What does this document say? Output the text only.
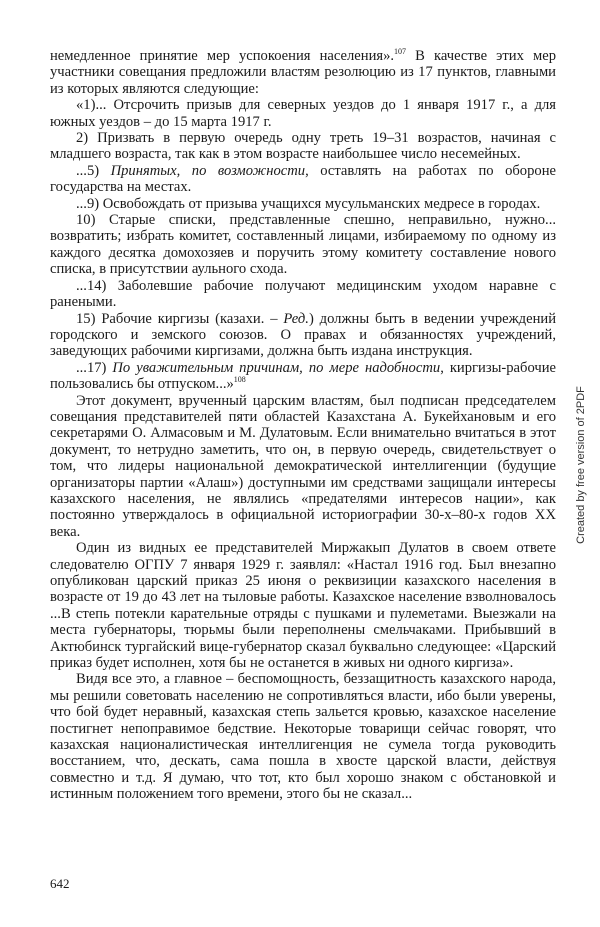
немедленное принятие мер успокоения населения».$^{107}$ В качестве этих мер участники совещания предложили властям резолюцию из 17 пунктов, главными из которых являются следующие:

«1)... Отсрочить призыв для северных уездов до 1 января 1917 г., а для южных уездов – до 15 марта 1917 г.

2) Призвать в первую очередь одну треть 19–31 возрастов, начиная с младшего возраста, так как в этом возрасте наибольшее число несемейных.

...5) Принятых, по возможности, оставлять на работах по обороне государства на местах.

...9) Освобождать от призыва учащихся мусульманских медресе в городах.

10) Старые списки, представленные спешно, неправильно, нужно... возвратить; избрать комитет, составленный лицами, избираемому по одному из каждого десятка домохозяев и поручить этому комитету составление нового списка, в присутствии аульного схода.

...14) Заболевшие рабочие получают медицинским уходом наравне с ранеными.

15) Рабочие киргизы (казахи. – Ред.) должны быть в ведении учреждений городского и земского союзов. О правах и обязанностях учреждений, заведующих рабочими киргизами, должна быть издана инструкция.

...17) По уважительным причинам, по мере надобности, киргизы-рабочие пользовались бы отпуском...»$^{108}$

Этот документ, врученный царским властям, был подписан председателем совещания представителей пяти областей Казахстана А. Букейхановым и его секретарями О. Алмасовым и М. Дулатовым. Если внимательно вчитаться в этот документ, то нетрудно заметить, что он, в первую очередь, свидетельствует о том, что лидеры национальной демократической интеллигенции (будущие организаторы партии «Алаш») доступными им средствами защищали интересы казахского населения, не являлись «предателями интересов нации», как постоянно утверждалось в официальной историографии 30-х–80-х годов XX века.

Один из видных ее представителей Миржакып Дулатов в своем ответе следователю ОГПУ 7 января 1929 г. заявлял: «Настал 1916 год. Был внезапно опубликован царский приказ 25 июня о реквизиции казахского населения в возрасте от 19 до 43 лет на тыловые работы. Казахское население взволновалось ...В степь потекли карательные отряды с пушками и пулеметами. Выезжали на места губернаторы, тюрьмы были переполнены смельчаками. Прибывший в Актюбинск тургайский вице-губернатор сказал буквально следующее: «Царский приказ будет исполнен, хотя бы не останется в живых ни одного киргиза».

Видя все это, а главное – беспомощность, беззащитность казахского народа, мы решили советовать населению не сопротивляться власти, ибо были уверены, что бой будет неравный, казахская степь зальется кровью, казахское население постигнет непоправимое бедствие. Некоторые товарищи сейчас говорят, что казахская националистическая интеллигенция не сумела тогда руководить восстанием, что, дескать, сама пошла в хвосте царской власти, действуя совместно и т.д. Я думаю, что тот, кто был хорошо знаком с обстановкой и истинным положением того времени, этого бы не сказал...

642
Created by free version of 2PDF
